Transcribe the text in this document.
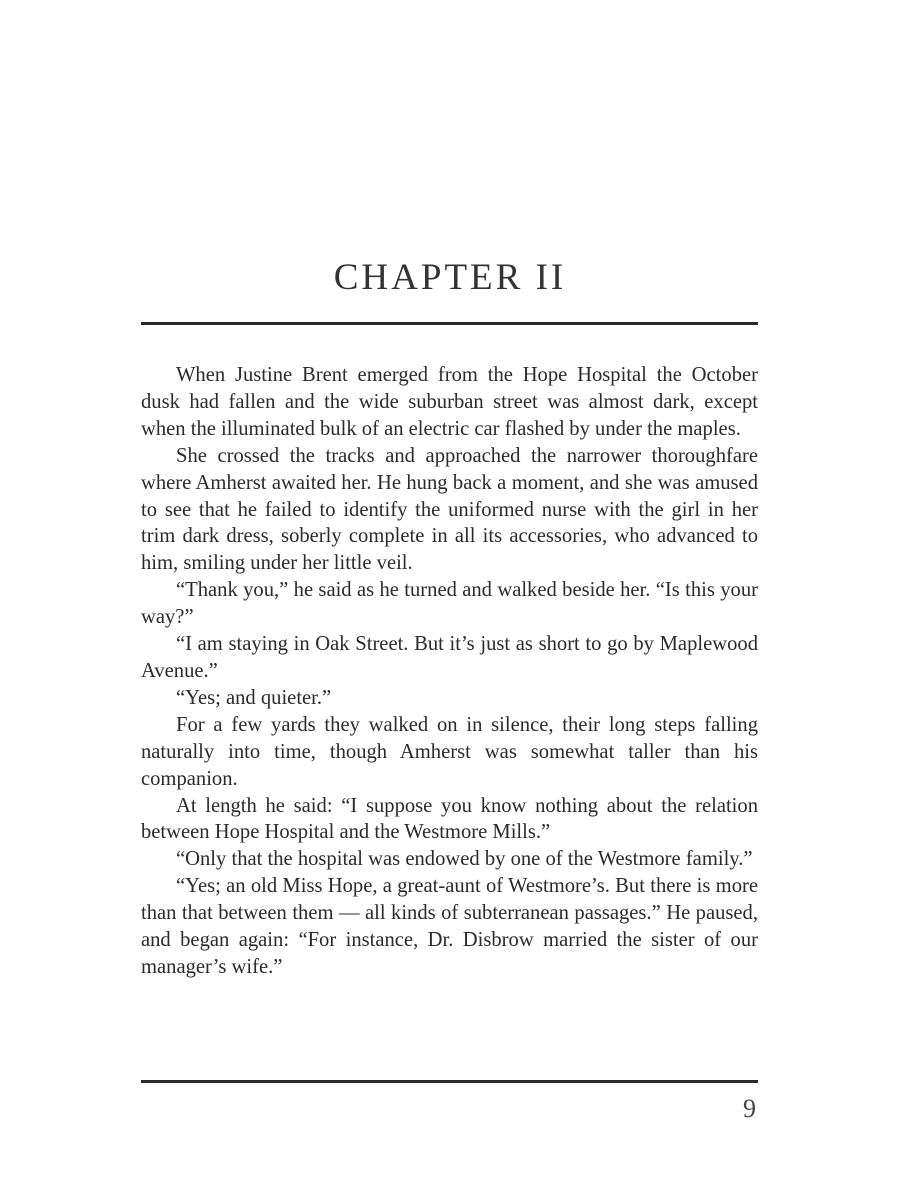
CHAPTER II

When Justine Brent emerged from the Hope Hospital the October dusk had fallen and the wide suburban street was almost dark, except when the illuminated bulk of an electric car flashed by under the maples.

She crossed the tracks and approached the narrower thoroughfare where Amherst awaited her. He hung back a moment, and she was amused to see that he failed to identify the uniformed nurse with the girl in her trim dark dress, soberly complete in all its accessories, who advanced to him, smiling under her little veil.

“Thank you,” he said as he turned and walked beside her. “Is this your way?”

“I am staying in Oak Street. But it’s just as short to go by Maplewood Avenue.”

“Yes; and quieter.”

For a few yards they walked on in silence, their long steps falling naturally into time, though Amherst was somewhat taller than his companion.

At length he said: “I suppose you know nothing about the relation between Hope Hospital and the Westmore Mills.”

“Only that the hospital was endowed by one of the Westmore family.”

“Yes; an old Miss Hope, a great-aunt of Westmore’s. But there is more than that between them — all kinds of subterranean passages.” He paused, and began again: “For instance, Dr. Disbrow married the sister of our manager’s wife.”

9
